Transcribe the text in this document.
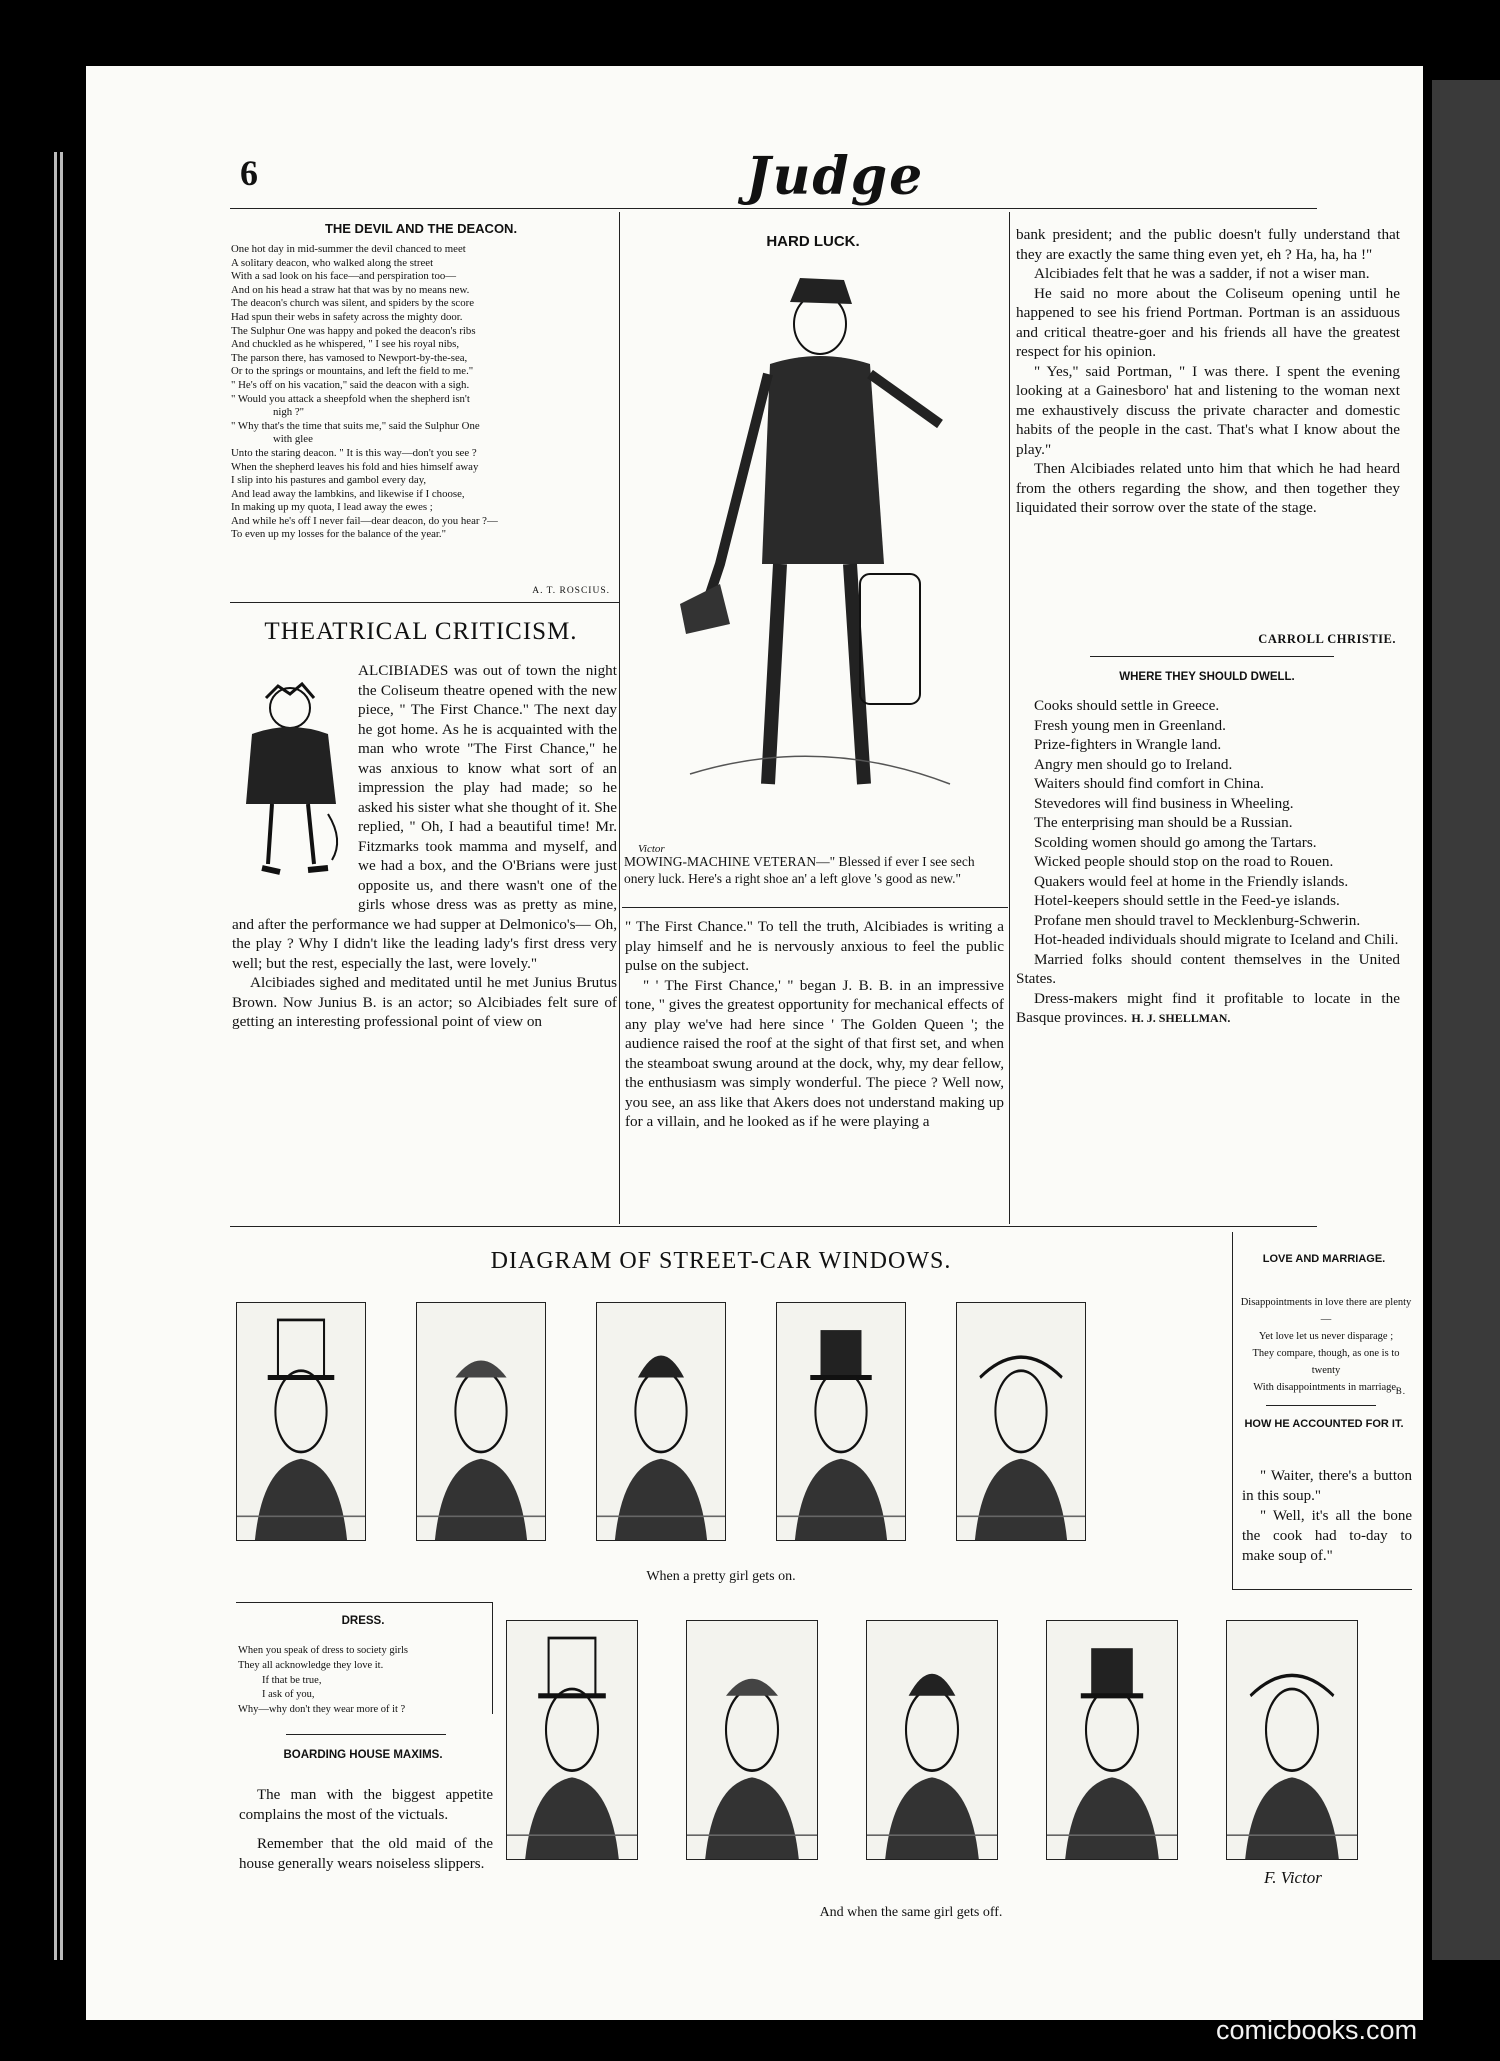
6	Judge
THE DEVIL AND THE DEACON.
One hot day in mid-summer the devil chanced to meet
A solitary deacon, who walked along the street
With a sad look on his face—and perspiration too—
And on his head a straw hat that was by no means new.
The deacon's church was silent, and spiders by the score
Had spun their webs in safety across the mighty door.
The Sulphur One was happy and poked the deacon's ribs
And chuckled as he whispered, " I see his royal nibs,
The parson there, has vamosed to Newport-by-the-sea,
Or to the springs or mountains, and left the field to me."
" He's off on his vacation," said the deacon with a sigh.
" Would you attack a sheepfold when the shepherd isn't
nigh ?"
" Why that's the time that suits me," said the Sulphur One
with glee
Unto the staring deacon. " It is this way—don't you see ?
When the shepherd leaves his fold and hies himself away
I slip into his pastures and gambol every day,
And lead away the lambkins, and likewise if I choose,
In making up my quota, I lead away the ewes ;
And while he's off I never fail—dear deacon, do you hear ?—
To even up my losses for the balance of the year."
A. T. ROSCIUS.
THEATRICAL CRITICISM.

ALCIBIADES was out of town the night the Coliseum theatre opened with the new piece, " The First Chance." The next day he got home. As he is acquainted with the man who wrote "The First Chance," he was anxious to know what sort of an impression the play had made; so he asked his sister what she thought of it. She replied, " Oh, I had a beautiful time! Mr. Fitzmarks took mamma and myself, and we had a box, and the O'Brians were just opposite us, and there wasn't one of the girls whose dress was as pretty as mine, and after the performance we had supper at Delmonico's— Oh, the play ? Why I didn't like the leading lady's first dress very well; but the rest, especially the last, were lovely."

Alcibiades sighed and meditated until he met Junius Brutus Brown. Now Junius B. is an actor; so Alcibiades felt sure of getting an interesting professional point of view on

HARD LUCK.
Victor
MOWING-MACHINE VETERAN—" Blessed if ever I see sech onery luck. Here's a right shoe an' a left glove 's good as new."

" The First Chance." To tell the truth, Alcibiades is writing a play himself and he is nervously anxious to feel the public pulse on the subject.

" ' The First Chance,' " began J. B. B. in an impressive tone, " gives the greatest opportunity for mechanical effects of any play we've had here since ' The Golden Queen '; the audience raised the roof at the sight of that first set, and when the steamboat swung around at the dock, why, my dear fellow, the enthusiasm was simply wonderful. The piece ? Well now, you see, an ass like that Akers does not understand making up for a villain, and he looked as if he were playing a

bank president; and the public doesn't fully understand that they are exactly the same thing even yet, eh ? Ha, ha, ha !"

Alcibiades felt that he was a sadder, if not a wiser man.

He said no more about the Coliseum opening until he happened to see his friend Portman. Portman is an assiduous and critical theatre-goer and his friends all have the greatest respect for his opinion.

" Yes," said Portman, " I was there. I spent the evening looking at a Gainesboro' hat and listening to the woman next me exhaustively discuss the private character and domestic habits of the people in the cast. That's what I know about the play."

Then Alcibiades related unto him that which he had heard from the others regarding the show, and then together they liquidated their sorrow over the state of the stage.

CARROLL CHRISTIE.
WHERE THEY SHOULD DWELL.

Cooks should settle in Greece.

Fresh young men in Greenland.

Prize-fighters in Wrangle land.

Angry men should go to Ireland.

Waiters should find comfort in China.

Stevedores will find business in Wheeling.

The enterprising man should be a Russian.

Scolding women should go among the Tartars.

Wicked people should stop on the road to Rouen.

Quakers would feel at home in the Friendly islands.

Hotel-keepers should settle in the Feed-ye islands.

Profane men should travel to Mecklenburg-Schwerin.

Hot-headed individuals should migrate to Iceland and Chili.

Married folks should content themselves in the United States.

Dress-makers might find it profitable to locate in the Basque provinces. H. J. SHELLMAN.

DIAGRAM OF STREET-CAR WINDOWS.
When a pretty girl gets on.
LOVE AND MARRIAGE.
Disappointments in love there are plenty—
Yet love let us never disparage ;
They compare, though, as one is to twenty
With disappointments in marriage.
B.
HOW HE ACCOUNTED FOR IT.

" Waiter, there's a button in this soup."

" Well, it's all the bone the cook had to-day to make soup of."

DRESS.
When you speak of dress to society girls
They all acknowledge they love it.
If that be true,
I ask of you,
Why—why don't they wear more of it ?
BOARDING HOUSE MAXIMS.

The man with the biggest appetite complains the most of the victuals.

Remember that the old maid of the house generally wears noiseless slippers.

F. Victor
And when the same girl gets off.
comicbooks.com
